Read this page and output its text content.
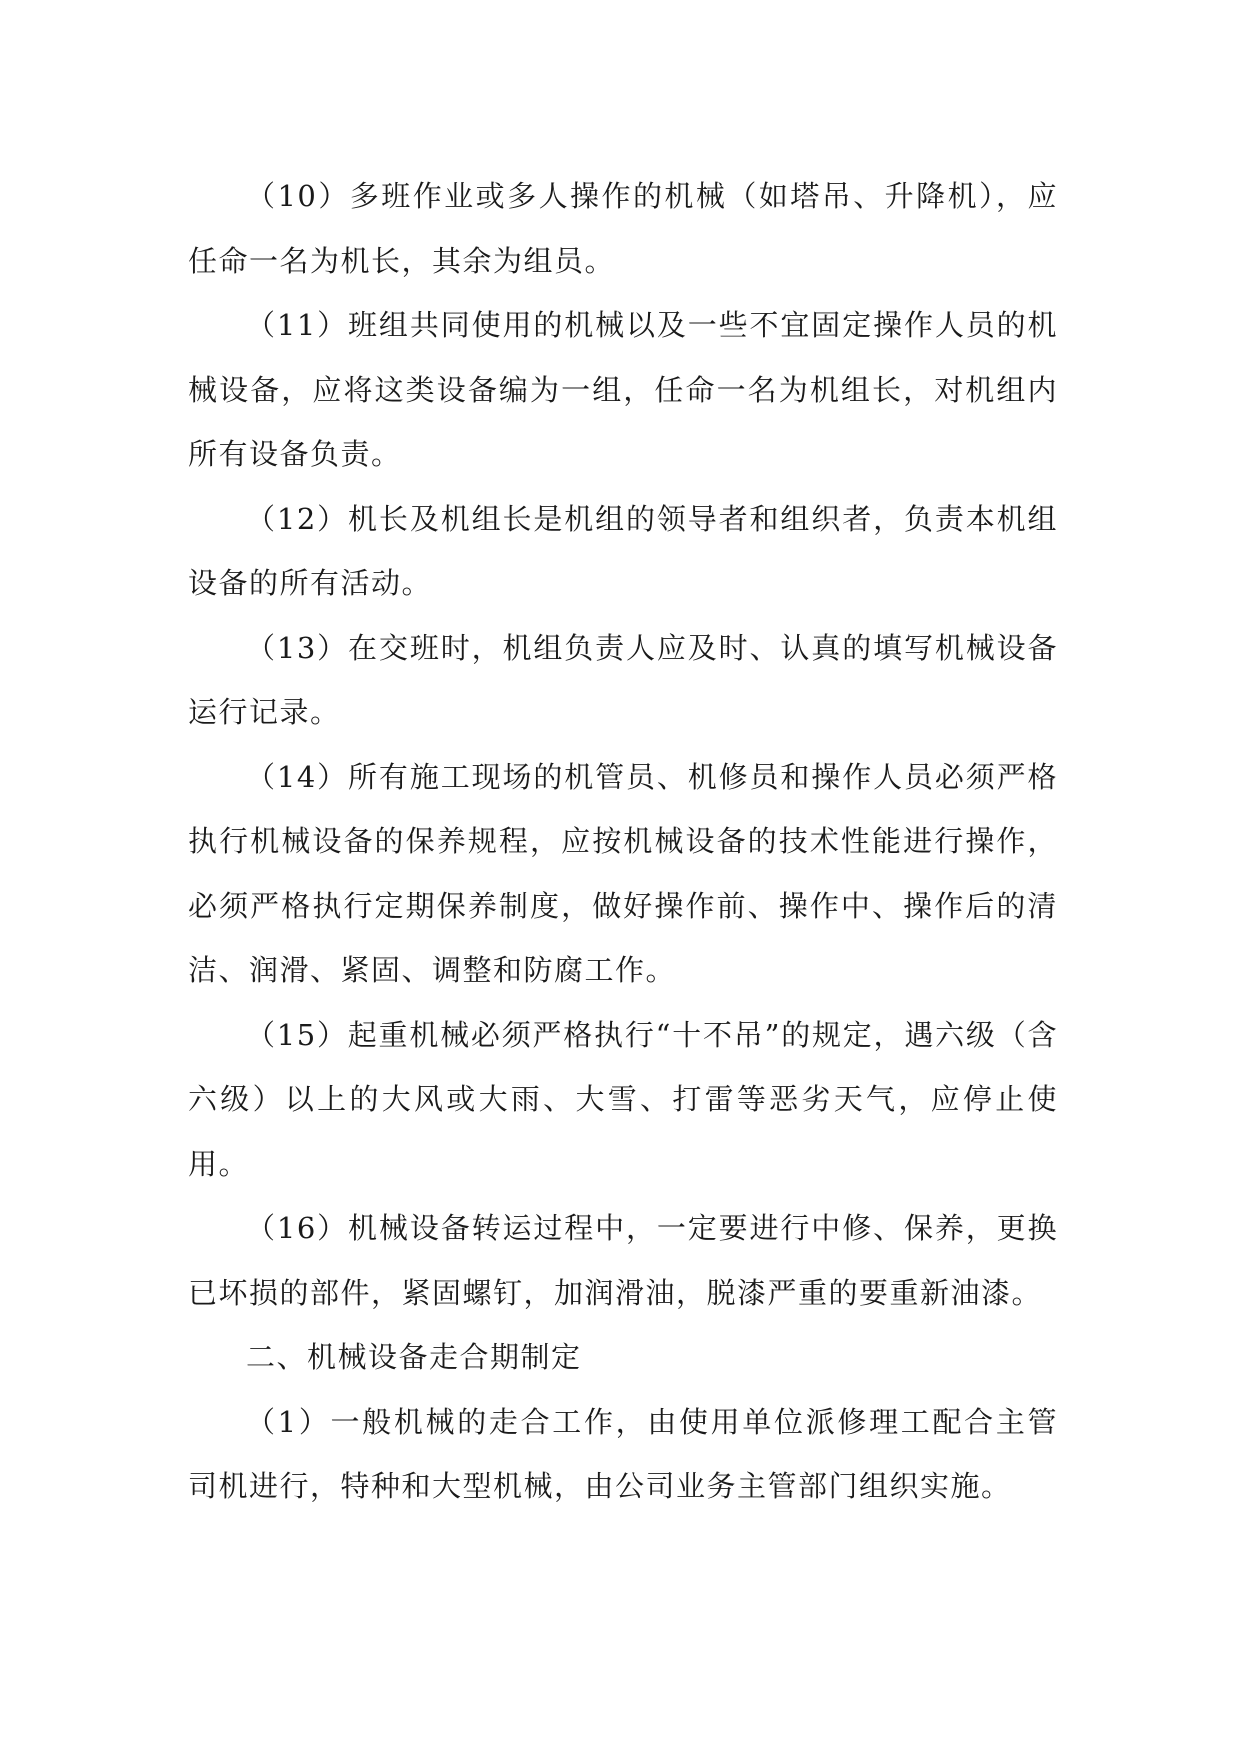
（10）多班作业或多人操作的机械（如塔吊、升降机），应任命一名为机长，其余为组员。

（11）班组共同使用的机械以及一些不宜固定操作人员的机械设备，应将这类设备编为一组，任命一名为机组长，对机组内所有设备负责。

（12）机长及机组长是机组的领导者和组织者，负责本机组设备的所有活动。

（13）在交班时，机组负责人应及时、认真的填写机械设备运行记录。

（14）所有施工现场的机管员、机修员和操作人员必须严格执行机械设备的保养规程，应按机械设备的技术性能进行操作，必须严格执行定期保养制度，做好操作前、操作中、操作后的清洁、润滑、紧固、调整和防腐工作。

（15）起重机械必须严格执行“十不吊”的规定，遇六级（含六级）以上的大风或大雨、大雪、打雷等恶劣天气，应停止使用。

（16）机械设备转运过程中，一定要进行中修、保养，更换已坏损的部件，紧固螺钉，加润滑油，脱漆严重的要重新油漆。

二、机械设备走合期制定

（1）一般机械的走合工作，由使用单位派修理工配合主管司机进行，特种和大型机械，由公司业务主管部门组织实施。
